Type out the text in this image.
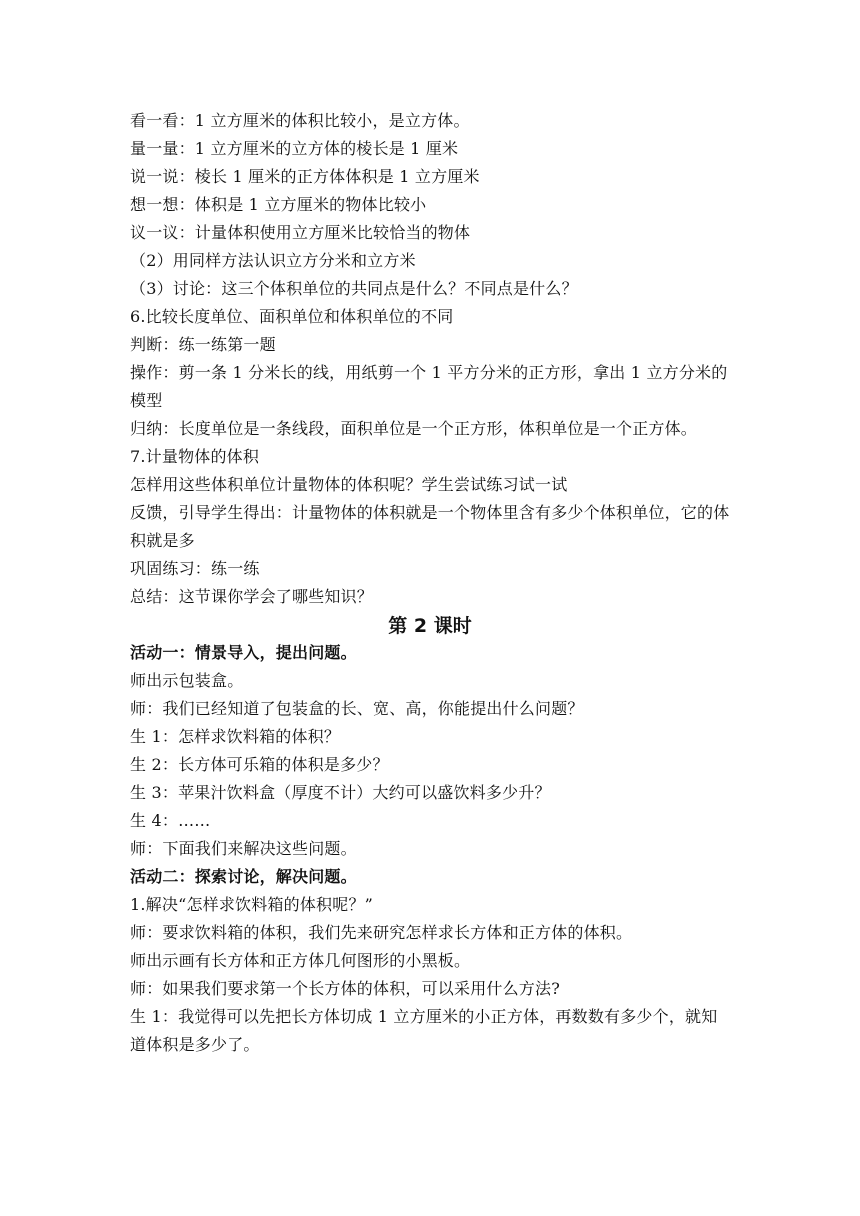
看一看：1 立方厘米的体积比较小，是立方体。
量一量：1 立方厘米的立方体的棱长是 1 厘米
说一说：棱长 1 厘米的正方体体积是 1 立方厘米
想一想：体积是 1 立方厘米的物体比较小
议一议：计量体积使用立方厘米比较恰当的物体
（2）用同样方法认识立方分米和立方米
（3）讨论：这三个体积单位的共同点是什么？不同点是什么？
6.比较长度单位、面积单位和体积单位的不同
判断：练一练第一题
操作：剪一条 1 分米长的线，用纸剪一个 1 平方分米的正方形，拿出 1 立方分米的模型
归纳：长度单位是一条线段，面积单位是一个正方形，体积单位是一个正方体。
7.计量物体的体积
怎样用这些体积单位计量物体的体积呢？学生尝试练习试一试
反馈，引导学生得出：计量物体的体积就是一个物体里含有多少个体积单位，它的体积就是多
巩固练习：练一练
总结：这节课你学会了哪些知识？
第 2 课时
活动一：情景导入，提出问题。
师出示包装盒。
师：我们已经知道了包装盒的长、宽、高，你能提出什么问题？
生 1：怎样求饮料箱的体积？
生 2：长方体可乐箱的体积是多少？
生 3：苹果汁饮料盒（厚度不计）大约可以盛饮料多少升？
生 4：……
师：下面我们来解决这些问题。
活动二：探索讨论，解决问题。
1.解决“怎样求饮料箱的体积呢？”
师：要求饮料箱的体积，我们先来研究怎样求长方体和正方体的体积。
师出示画有长方体和正方体几何图形的小黑板。
师：如果我们要求第一个长方体的体积，可以采用什么方法?
生 1：我觉得可以先把长方体切成 1 立方厘米的小正方体，再数数有多少个，就知道体积是多少了。
